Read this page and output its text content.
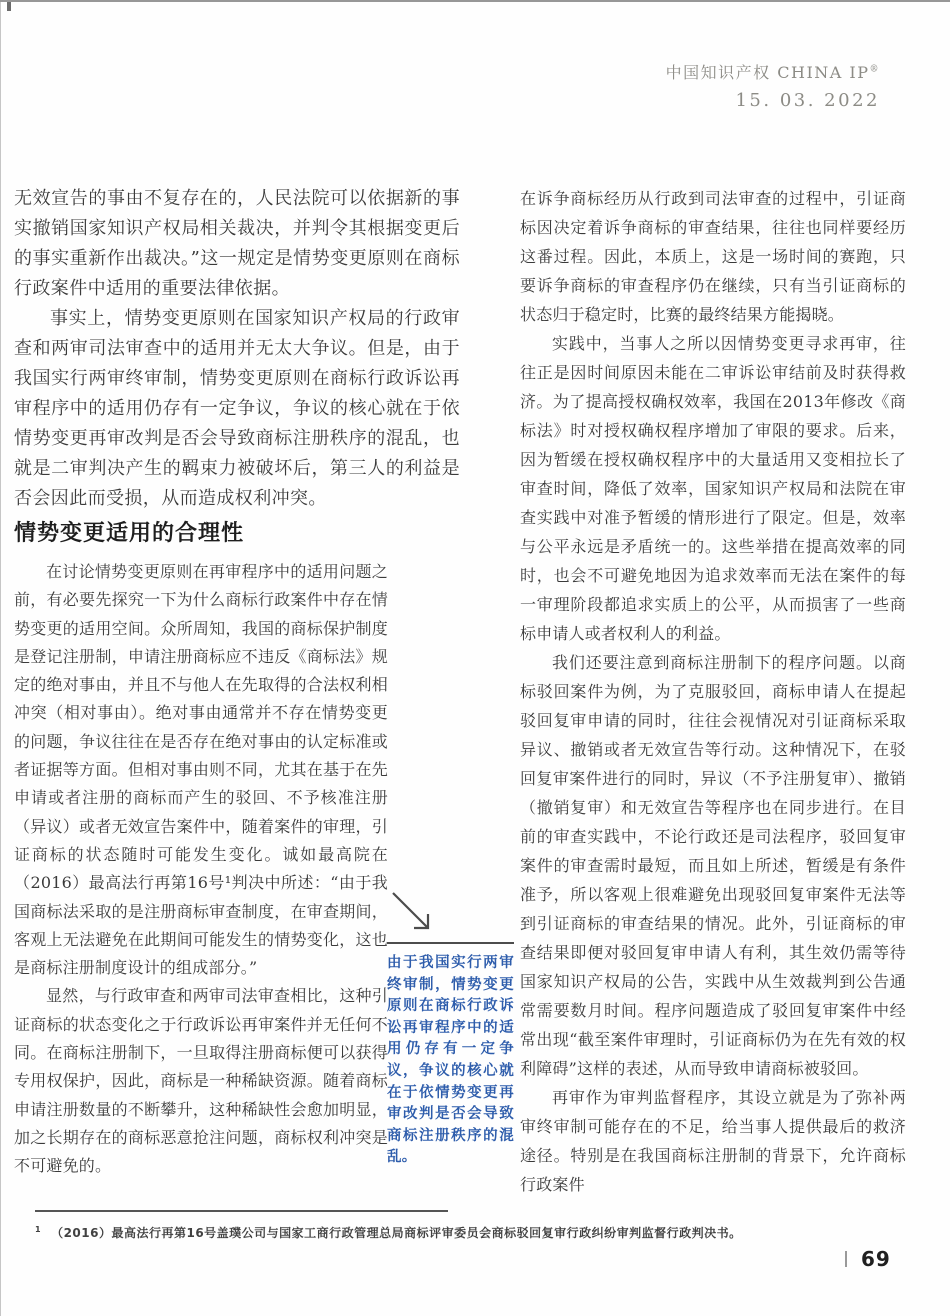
中国知识产权 CHINA IP®
15. 03. 2022

无效宣告的事由不复存在的，人民法院可以依据新的事实撤销国家知识产权局相关裁决，并判令其根据变更后的事实重新作出裁决。”这一规定是情势变更原则在商标行政案件中适用的重要法律依据。

事实上，情势变更原则在国家知识产权局的行政审查和两审司法审查中的适用并无太大争议。但是，由于我国实行两审终审制，情势变更原则在商标行政诉讼再审程序中的适用仍存有一定争议，争议的核心就在于依情势变更再审改判是否会导致商标注册秩序的混乱，也就是二审判决产生的羁束力被破坏后，第三人的利益是否会因此而受损，从而造成权利冲突。

情势变更适用的合理性

在讨论情势变更原则在再审程序中的适用问题之前，有必要先探究一下为什么商标行政案件中存在情势变更的适用空间。众所周知，我国的商标保护制度是登记注册制，申请注册商标应不违反《商标法》规定的绝对事由，并且不与他人在先取得的合法权利相冲突（相对事由）。绝对事由通常并不存在情势变更的问题，争议往往在是否存在绝对事由的认定标准或者证据等方面。但相对事由则不同，尤其在基于在先申请或者注册的商标而产生的驳回、不予核准注册（异议）或者无效宣告案件中，随着案件的审理，引证商标的状态随时可能发生变化。诚如最高院在（2016）最高法行再第16号¹判决中所述：“由于我国商标法采取的是注册商标审查制度，在审查期间，客观上无法避免在此期间可能发生的情势变化，这也是商标注册制度设计的组成部分。”

显然，与行政审查和两审司法审查相比，这种引证商标的状态变化之于行政诉讼再审案件并无任何不同。在商标注册制下，一旦取得注册商标便可以获得专用权保护，因此，商标是一种稀缺资源。随着商标申请注册数量的不断攀升，这种稀缺性会愈加明显，加之长期存在的商标恶意抢注问题，商标权利冲突是不可避免的。

由于我国实行两审终审制，情势变更原则在商标行政诉讼再审程序中的适用仍存有一定争议，争议的核心就在于依情势变更再审改判是否会导致商标注册秩序的混乱。

在诉争商标经历从行政到司法审查的过程中，引证商标因决定着诉争商标的审查结果，往往也同样要经历这番过程。因此，本质上，这是一场时间的赛跑，只要诉争商标的审查程序仍在继续，只有当引证商标的状态归于稳定时，比赛的最终结果方能揭晓。

实践中，当事人之所以因情势变更寻求再审，往往正是因时间原因未能在二审诉讼审结前及时获得救济。为了提高授权确权效率，我国在2013年修改《商标法》时对授权确权程序增加了审限的要求。后来，因为暂缓在授权确权程序中的大量适用又变相拉长了审查时间，降低了效率，国家知识产权局和法院在审查实践中对准予暂缓的情形进行了限定。但是，效率与公平永远是矛盾统一的。这些举措在提高效率的同时，也会不可避免地因为追求效率而无法在案件的每一审理阶段都追求实质上的公平，从而损害了一些商标申请人或者权利人的利益。

我们还要注意到商标注册制下的程序问题。以商标驳回案件为例，为了克服驳回，商标申请人在提起驳回复审申请的同时，往往会视情况对引证商标采取异议、撤销或者无效宣告等行动。这种情况下，在驳回复审案件进行的同时，异议（不予注册复审）、撤销（撤销复审）和无效宣告等程序也在同步进行。在目前的审查实践中，不论行政还是司法程序，驳回复审案件的审查需时最短，而且如上所述，暂缓是有条件准予，所以客观上很难避免出现驳回复审案件无法等到引证商标的审查结果的情况。此外，引证商标的审查结果即便对驳回复审申请人有利，其生效仍需等待国家知识产权局的公告，实践中从生效裁判到公告通常需要数月时间。程序问题造成了驳回复审案件中经常出现“截至案件审理时，引证商标仍为在先有效的权利障碍”这样的表述，从而导致申请商标被驳回。

再审作为审判监督程序，其设立就是为了弥补两审终审制可能存在的不足，给当事人提供最后的救济途径。特别是在我国商标注册制的背景下，允许商标行政案件

$^1$ （2016）最高法行再第16号盖璞公司与国家工商行政管理总局商标评审委员会商标驳回复审行政纠纷审判监督行政判决书。
69
